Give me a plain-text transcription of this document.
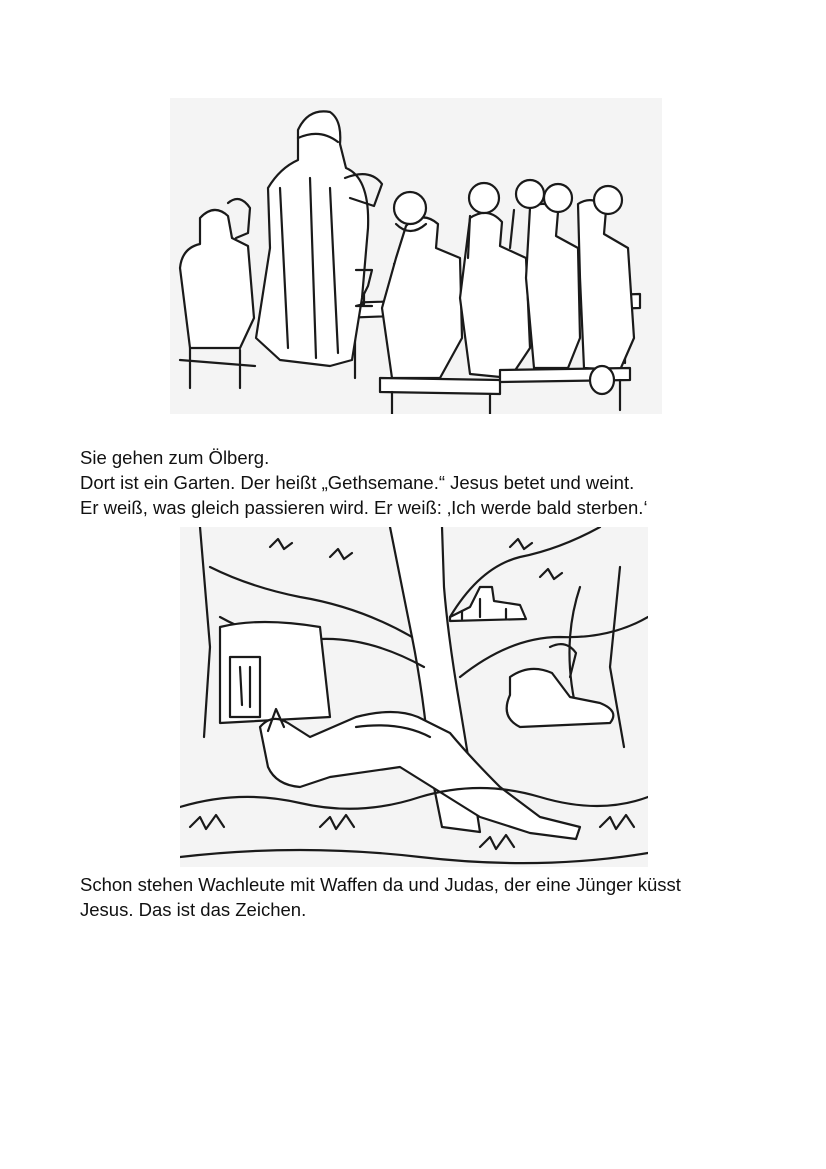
Sie gehen zum Ölberg.
Dort ist ein Garten. Der heißt „Gethsemane.“ Jesus betet und weint.
Er weiß, was gleich passieren wird. Er weiß: ‚Ich werde bald sterben.‘
Schon stehen Wachleute mit Waffen da und Judas, der eine Jünger küsst
Jesus. Das ist das Zeichen.
